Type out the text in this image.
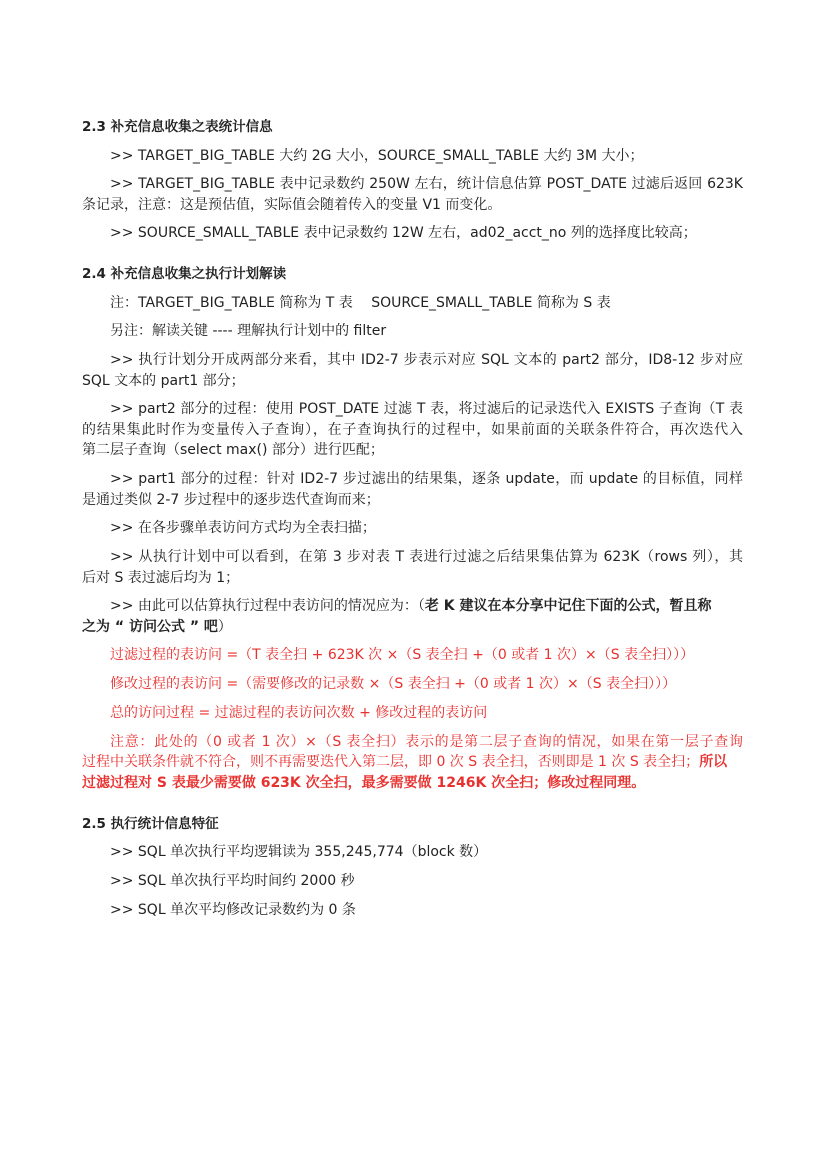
2.3 补充信息收集之表统计信息
>> TARGET_BIG_TABLE 大约 2G 大小，SOURCE_SMALL_TABLE 大约 3M 大小；
>> TARGET_BIG_TABLE 表中记录数约 250W 左右，统计信息估算 POST_DATE 过滤后返回 623K
条记录，注意：这是预估值，实际值会随着传入的变量 V1 而变化。
>> SOURCE_SMALL_TABLE 表中记录数约 12W 左右，ad02_acct_no 列的选择度比较高；
2.4 补充信息收集之执行计划解读
注：TARGET_BIG_TABLE 简称为 T 表　 SOURCE_SMALL_TABLE 简称为 S 表
另注：解读关键 ---- 理解执行计划中的 filter
>> 执行计划分开成两部分来看，其中 ID2-7 步表示对应 SQL 文本的 part2 部分，ID8-12 步对应
SQL 文本的 part1 部分；
>> part2 部分的过程：使用 POST_DATE 过滤 T 表，将过滤后的记录迭代入 EXISTS 子查询（T 表
的结果集此时作为变量传入子查询），在子查询执行的过程中，如果前面的关联条件符合，再次迭代入
第二层子查询（select max() 部分）进行匹配；
>> part1 部分的过程：针对 ID2-7 步过滤出的结果集，逐条 update，而 update 的目标值，同样
是通过类似 2-7 步过程中的逐步迭代查询而来；
>> 在各步骤单表访问方式均为全表扫描；
>> 从执行计划中可以看到，在第 3 步对表 T 表进行过滤之后结果集估算为 623K（rows 列），其
后对 S 表过滤后均为 1；
>> 由此可以估算执行过程中表访问的情况应为：（老 K 建议在本分享中记住下面的公式，暂且称
之为 “ 访问公式 ” 吧）
过滤过程的表访问 =（T 表全扫 + 623K 次 ×（S 表全扫 +（0 或者 1 次）×（S 表全扫）））
修改过程的表访问 =（需要修改的记录数 ×（S 表全扫 +（0 或者 1 次）×（S 表全扫）））
总的访问过程 = 过滤过程的表访问次数 + 修改过程的表访问
注意：此处的（0 或者 1 次）×（S 表全扫）表示的是第二层子查询的情况，如果在第一层子查询
过程中关联条件就不符合，则不再需要迭代入第二层，即 0 次 S 表全扫，否则即是 1 次 S 表全扫；所以
过滤过程对 S 表最少需要做 623K 次全扫，最多需要做 1246K 次全扫；修改过程同理。
2.5 执行统计信息特征
>> SQL 单次执行平均逻辑读为 355,245,774（block 数）
>> SQL 单次执行平均时间约 2000 秒
>> SQL 单次平均修改记录数约为 0 条
